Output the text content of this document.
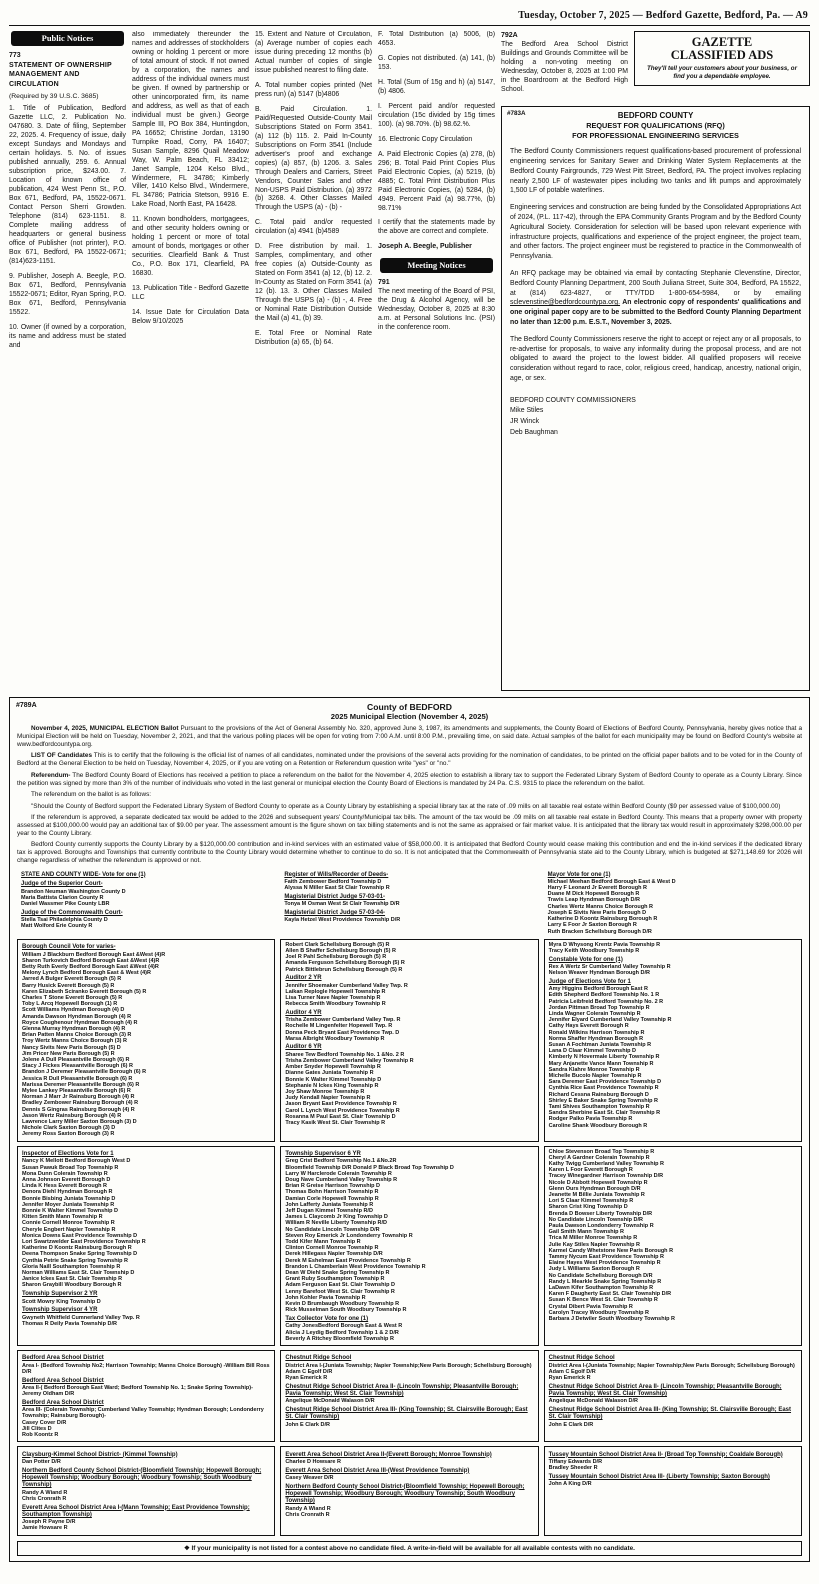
Tuesday, October 7, 2025 — Bedford Gazette, Bedford, Pa. — A9
Public Notices
773
STATEMENT OF OWNERSHIP
MANAGEMENT AND CIRCULATION
(Required by 39 U.S.C. 3685)
1. Title of Publication, Bedford Gazette LLC, 2. Publication No. 047680. 3. Date of filing, September 22, 2025. 4. Frequency of issue, daily except Sundays and Mondays and certain holidays. 5. No. of issues published annually, 259. 6. Annual subscription price, $243.00. 7. Location of known office of publication, 424 West Penn St., P.O. Box 671, Bedford, PA, 15522-0671. Contact Person Sherri Growden. Telephone (814) 623-1151. 8. Complete mailing address of headquarters or general business office of Publisher (not printer), P.O. Box 671, Bedford, PA 15522-0671; (814)623-1151.
9. Publisher, Joseph A. Beegle, P.O. Box 671, Bedford, Pennsylvania 15522-0671; Editor, Ryan Spring, P.O. Box 671, Bedford, Pennsylvania 15522.
10. Owner (if owned by a corporation, its name and address must be stated and
also immediately thereunder the names and addresses of stockholders owning or holding 1 percent or more of total amount of stock. If not owned by a corporation, the names and address of the individual owners must be given. If owned by partnership or other unincorporated firm, its name and address, as well as that of each individual must be given.) George Sample III, PO Box 384, Huntingdon, PA 16652; Christine Jordan, 13190 Turnpike Road, Corry, PA 16407; Susan Sample, 8296 Quail Meadow Way, W. Palm Beach, FL 33412; Janet Sample, 1204 Kelso Blvd., Windermere, FL 34786; Kimberly Viller, 1410 Kelso Blvd., Windermere, FL 34786; Patricia Stetson, 9916 E. Lake Road, North East, PA 16428.
11. Known bondholders, mortgagees, and other security holders owning or holding 1 percent or more of total amount of bonds, mortgages or other securities. Clearfield Bank & Trust Co., P.O. Box 171, Clearfield, PA 16830.
13. Publication Title - Bedford Gazette LLC
14. Issue Date for Circulation Data Below 9/10/2025
15. Extent and Nature of Circulation, (a) Average number of copies each issue during preceding 12 months (b) Actual number of copies of single issue published nearest to filing date.
A. Total number copies printed (Net press run) (a) 5147 (b)4806
B. Paid Circulation. 1. Paid/Requested Outside-County Mail Subscriptions Stated on Form 3541. (a) 112 (b) 115. 2. Paid In-County Subscriptions on Form 3541 (Include advertiser's proof and exchange copies) (a) 857, (b) 1206. 3. Sales Through Dealers and Carriers, Street Vendors, Counter Sales and other Non-USPS Paid Distribution. (a) 3972 (b) 3268. 4. Other Classes Mailed Through the USPS (a) - (b) -
C. Total paid and/or requested circulation (a) 4941 (b)4589
D. Free distribution by mail. 1. Samples, complimentary, and other free copies (a) Outside-County as Stated on Form 3541 (a) 12, (b) 12. 2. In-County as Stated on Form 3541 (a) 12 (b). 13. 3. Other Classes Mailed Through the USPS (a) - (b) -, 4. Free or Nominal Rate Distribution Outside the Mail (a) 41, (b) 39.
E. Total Free or Nominal Rate Distribution (a) 65, (b) 64.
F. Total Distribution (a) 5006, (b) 4653.
G. Copies not distributed. (a) 141, (b) 153.
H. Total (Sum of 15g and h) (a) 5147, (b) 4806.
I. Percent paid and/or requested circulation (15c divided by 15g times 100). (a) 98.70%. (b) 98.62.%.
16. Electronic Copy Circulation
A. Paid Electronic Copies (a) 278, (b) 296; B. Total Paid Print Copies Plus Paid Electronic Copies, (a) 5219, (b) 4885; C. Total Print Distribution Plus Paid Electronic Copies, (a) 5284, (b) 4949. Percent Paid (a) 98.77%, (b) 98.71%
I certify that the statements made by the above are correct and complete.
Joseph A. Beegle, Publisher
Meeting Notices
791
The next meeting of the Board of PSI, the Drug & Alcohol Agency, will be Wednesday, October 8, 2025 at 8:30 a.m. at Personal Solutions Inc. (PSI) in the conference room.
792A
The Bedford Area School District Buildings and Grounds Committee will be holding a non-voting meeting on Wednesday, October 8, 2025 at 1:00 PM in the Boardroom at the Bedford High School.
GAZETTE
CLASSIFIED ADS
They'll tell your customers about your business, or find you a dependable employee.
#783A	BEDFORD COUNTY
REQUEST FOR QUALIFICATIONS (RFQ)
FOR PROFESSIONAL ENGINEERING SERVICES
The Bedford County Commissioners request qualifications-based procurement of professional engineering services for Sanitary Sewer and Drinking Water System Replacements at the Bedford County Fairgrounds, 729 West Pitt Street, Bedford, PA. The project involves replacing nearly 2,500 LF of wastewater pipes including two tanks and lift pumps and approximately 1,500 LF of potable waterlines.
Engineering services and construction are being funded by the Consolidated Appropriations Act of 2024, (P.L. 117-42), through the EPA Community Grants Program and by the Bedford County Agricultural Society. Consideration for selection will be based upon relevant experience with infrastructure projects, qualifications and experience of the project engineer, the project team, and other factors. The project engineer must be registered to practice in the Commonwealth of Pennsylvania.
An RFQ package may be obtained via email by contacting Stephanie Clevenstine, Director, Bedford County Planning Department, 200 South Juliana Street, Suite 304, Bedford, PA 15522, at (814) 623-4827, or TTY/TDD 1-800-654-5984, or by emailing sclevenstine@bedfordcountypa.org. An electronic copy of respondents' qualifications and one original paper copy are to be submitted to the Bedford County Planning Department no later than 12:00 p.m. E.S.T., November 3, 2025.
The Bedford County Commissioners reserve the right to accept or reject any or all proposals, to re-advertise for proposals, to waive any informality during the proposal process, and are not obligated to award the project to the lowest bidder. All qualified proposers will receive consideration without regard to race, color, religious creed, handicap, ancestry, national origin, age, or sex.
BEDFORD COUNTY COMMISSIONERS
Mike Stiles
JR Winck
Deb Baughman
#789A	County of BEDFORD
2025 Municipal Election (November 4, 2025)

November 4, 2025, MUNICIPAL ELECTION Ballot Pursuant to the provisions of the Act of General Assembly No. 320, approved June 3, 1987, its amendments and supplements, the County Board of Elections of Bedford County, Pennsylvania, hereby gives notice that a Municipal Election will be held on Tuesday, November 2, 2021, and that the various polling places will be open for voting from 7:00 A.M. until 8:00 P.M., prevailing time, on said date. Actual samples of the ballot for each municipality may be found on Bedford County's website at www.bedfordcountypa.org.

LIST OF Candidates This is to certify that the following is the official list of names of all candidates, nominated under the provisions of the several acts providing for the nomination of candidates, to be printed on the official paper ballots and to be voted for in the County of Bedford at the General Election to be held on Tuesday, November 4, 2025, or if you are voting on a Retention or Referendum question write "yes" or "no."

Referendum- The Bedford County Board of Elections has received a petition to place a referendum on the ballot for the November 4, 2025 election to establish a library tax to support the Federated Library System of Bedford County to operate as a County Library. Since the petition was signed by more than 3% of the number of individuals who voted in the last general or municipal election the County Board of Elections is mandated by 24 Pa. C.S. 9315 to place the referendum on the ballot.

The referendum on the ballot is as follows:

"Should the County of Bedford support the Federated Library System of Bedford County to operate as a County Library by establishing a special library tax at the rate of .09 mills on all taxable real estate within Bedford County ($9 per assessed value of $100,000.00)

If the referendum is approved, a separate dedicated tax would be added to the 2026 and subsequent years' County/Municipal tax bills. The amount of the tax would be .09 mills on all taxable real estate in Bedford County. This means that a property owner with property assessed at $100,000.00 would pay an additional tax of $9.00 per year. The assessment amount is the figure shown on tax billing statements and is not the same as appraised or fair market value. It is anticipated that the library tax would result in approximately $298,000.00 per year to the County Library.

Bedford County currently supports the County Library by a $120,000.00 contribution and in-kind services with an estimated value of $58,000.00. It is anticipated that Bedford County would cease making this contribution and end the in-kind services if the dedicated library tax is approved. Boroughs and Townships that currently contribute to the County Library would determine whether to continue to do so. It is not anticipated that the Commonwealth of Pennsylvania state aid to the County Library, which is budgeted at $271,148.69 for 2026 will change regardless of whether the referendum is approved or not.

STATE AND COUNTY WIDE- Vote for one (1)
Judge of the Superior Court-
Brandon Neuman Washington County D
Maria Battista Clarion County R
Daniel Wassmer Pike County LBR
Judge of the Commonwealth Court-
Stella Tsai Philadelphia County D
Matt Wolford Erie County R
Register of Wills/Recorder of Deeds-
Faith Zembower Bedford Township D
Alyssa N Miller East St Clair Township R
Magisterial District Judge 57-03-01-
Tonya M Osman West St Clair Township D/R
Magisterial District Judge 57-03-04-
Kayla Hetzel West Providence Township D/R
Mayor Vote for one (1)
Michael Meehan Bedford Borough East & West D
Harry F Leonard Jr Everett Borough R
Duane M Dick Hopewell Borough R
Travis Leap Hyndman Borough D/R
Charles Wertz Manns Choice Borough R
Joseph E Sivits New Paris Borough D
Katherine D Koontz Rainsburg Borough R
Larry E Foor Jr Saxton Borough R
Ruth Bracken Schellsburg Borough D/R
Borough Council Vote for varies-
William J Blackburn Bedford Borough East &West (4)R
Sharon Turkovich Bedford Borough East &West (4)R
Betty Ruth Everly Bedford Borough East &West (4)R
Melony Lynch Bedford Borough East & West (4)R
Jarred A Bulger Everett Borough (5) R
Barry Husick Everett Borough (5) R
Karen Elizabeth Sciranko Everett Borough (5) R
Charles T Stone Everett Borough (5) R
Toby L Arcq Hopewell Borough (1) R
Scott Williams Hyndman Borough (4) D
Amanda Dawson Hyndman Borough (4) R
Royce Coughenour Hyndman Borough (4) R
Glenna Murray Hyndman Borough (4) R
Brian Patten Manns Choice Borough (3) R
Troy Wertz Manns Choice Borough (3) R
Nancy Sivits New Paris Borough (5) D
Jim Pricer New Paris Borough (5) R
Jolene A Dull Pleasantville Borough (6) R
Stacy J Fickes Pleasantville Borough (6) R
Brandon J Deremer Pleasantville Borough (6) R
Jessica R Dull Pleasantville Borough (6) R
Marissa Deremer Pleasantville Borough (6) R
Mylee Lankey Pleasantville Borough (6) R
Norman J Marr Jr Rainsburg Borough (4) R
Bradley Zembower Rainsburg Borough (4) R
Dennis S Gingras Rainsburg Borough (4) R
Jason Wertz Rainsburg Borough (4) R
Lawrence Larry Miller Saxton Borough (3) D
Nichole Clark Saxton Borough (3) D
Jeremy Ross Saxton Borough (3) R
Robert Clark Schellsburg Borough (5) R
Allen B Shaffer Schellsburg Borough (5) R
Joel R Pahl Schellsburg Borough (5) R
Amanda Ferguson Schellsburg Borough (5) R
Patrick Bittlebrun Schellsburg Borough (5) R
Auditor 2 YR
Jennifer Shoemaker Cumberland Valley Twp. R
Laikan Replogle Hopewell Township R
Lisa Turner Nave Napier Township R
Rebecca Smith Woodbury Township R
Auditor 4 YR
Trisha Zembower Cumberland Valley Twp. R
Rochelle M Lingenfelter Hopewell Twp. R
Donna Peck Bryant East Providence Twp. D
Marsa Albright Woodbury Township R
Auditor 6 YR
Sharee Tew Bedford Township No. 1 &No. 2 R
Trisha Zembower Cumberland Valley Township R
Amber Snyder Hopewell Township R
Dianne Gates Juniata Township R
Bonnie K Walter Kimmel Township D
Stephanie N Ickes King Township R
Joy Shaw Monroe Township R
Judy Kendall Napier Township R
Jason Bryant East Providence Township R
Carol L Lynch West Providence Township R
Rosanna M Paul East St. Clair Township D
Tracy Kasik West St. Clair Township R
Myra D Whysong Krentz Pavia Township R
Tracy Keith Woodbury Township R
Constable Vote for one (1)
Rex A Wertz Sr Cumberland Valley Township R
Nelson Weaver Hyndman Borough D/R
Judge of Elections Vote for 1
Amy Higgins Bedford Borough East R
Edith Shepherd Bedford Township No. 1 R
Patricia Leibfreid Bedford Township No. 2 R
Jordan Pittman Broad Top Township R
Linda Wagner Colerain Township R
Jennifer Elyard Cumberland Valley Township R
Cathy Hays Everett Borough R
Ronald Wilkins Harrison Township R
Norma Shaffer Hyndman Borough R
Susan A Fochtman Juniata Township R
Lana D Claar Kimmel Township D
Kimberly N Hovermale Liberty Township R
Mary Anjanette Vance Mann Township R
Sandra Klahre Monroe Township R
Michelle Bucolo Napier Township R
Sara Deremer East Providence Township D
Cynthia Rice East Providence Township R
Richard Cessna Rainsburg Borough D
Shirley E Baker Snake Spring Township R
Tami Shives Southampton Township R
Sandra Sherbine East St. Clair Township R
Rodger Palko Pavia Township R
Caroline Shank Woodbury Borough R
Inspector of Elections Vote for 1
Nancy K Mellott Bedford Borough West D
Susan Pawuk Broad Top Township R
Mona Dunn Colerain Township R
Anna Johnson Everett Borough D
Linda K Hess Everett Borough R
Denora Diehl Hyndman Borough R
Bonnie Bisbing Juniata Township D
Jennifer Moyer Juniata Township R
Bonnie K Walter Kimmel Township D
Kitten Smith Mann Township R
Connie Cornell Monroe Township R
Cheryle Engbert Napier Township R
Monica Downs East Providence Township D
Lori Swartzwelder East Providence Township R
Katherine D Koontz Rainsburg Borough R
Deena Thompson Snake Spring Township D
Cynthia Petrie Snake Spring Township R
Gloria Naill Southampton Township R
Norman Williams East St. Clair Township D
Janice Ickes East St. Clair Township R
Sharon Graybill Woodbury Borough R
Township Supervisor 2 YR
Scott Mowry King Township D
Township Supervisor 4 YR
Gwyneth Whitfield Cumnerland Valley Twp. R
Thomas R Deily Pavia Township D/R
Township Supervisor 6 YR
Greg Crist Bedford Township No.1 &No.2R
Bloomfield Township D/R Donald P Black Broad Top Township D
Larry W Harclerode Colerain Township R
Doug Nave Cumberland Valley Township R
Brian R Greise Harrison Township D
Thomas Bohn Harrison Township R
Damian Corle Hopewell Township R
John Lafferty Juniata Township R
Jeff Dugan Kimmel Township R/D
James L Claycomb Jr King Township D
William R Neville Liberty Township R/D
No Candidate Lincoln Township D/R
Steven Roy Emerick Jr Londonderry Township R
Todd Kifer Mann Township R
Clinton Cornell Monroe Township R
Derek Hillegass Napier Township D/R
Derek M Eshelman East Providence Township R
Brandon L Chamberlain West Providence Township R
Dean W Diehl Snake Spring Township R
Grant Ruby Southampton Township R
Adam Ferguson East St. Clair Township D
Lenny Barefoot West St. Clair Township R
John Kohler Pavia Township R
Kevin D Brumbaugh Woodbury Township R
Rick Musselman South Woodbury Township R
Tax Collector Vote for one (1)
Cathy JonesBedford Borough East & West R
Alicia J Leydig Bedford Township 1 & 2 D/R
Beverly A Ritchey Bloomfield Township R
Chloe Stevenson Broad Top Township R
Cheryl A Gardner Colerain Township R
Kathy Twigg Cumberland Valley Township R
Karen L Foor Everett Borough R
Tracey Winegardner Harrison Township D/R
Nicole D Abbott Hopewell Township R
Glenn Ours Hyndman Borough D/R
Jeanette M Billie Juniata Township R
Lori S Claar Kimmel Township R
Sharon Crist King Township D
Brenda D Bowser Liberty Township D/R
No Candidate Lincoln Township D/R
Paula Dawson Londonderry Township R
Gail Smith Mann Township R
Trica M Miller Monroe Township R
Julie Kay Stiles Napier Township R
Karmel Candy Whetstone New Paris Borough R
Tammy Nycum East Providence Township R
Elaine Hayes West Providence Township R
Judy L Williams Saxton Borough R
No Candidate Schellsburg Borough D/R
Randy L Mearkle Snake Spring Township R
LaDawn Kifer Southampton Township R
Karen F Daugherty East St. Clair Township D/R
Susan K Bence West St. Clair Township R
Crystal Dibert Pavia Township R
Carolyn Tracey Woodbury Township R
Barbara J Detwiler South Woodbury Township R
Bedford Area School District
Area I- (Bedford Township No2; Harrison Township; Manns Choice Borough) -William Bill Ross D/R
Bedford Area School District
Area II-( Bedford Borough East Ward; Bedford Township No. 1; Snake Spring Township)- Jeremy Oldham D/R
Bedford Area School District
Area III- (Colerain Township; Cumberland Valley Township; Hyndman Borough; Londonderry Township; Rainsburg Borough)-
Casey Cover D/R
Jill Clites D
Rob Koontz R
Chestnut Ridge School
District Area I-(Juniata Township; Napier Township;New Paris Borough; Schellsburg Borough)
Adam C Egolf D/R
Ryan Emerick R
Chestnut Ridge School District Area II- (Lincoln Township; Pleasantville Borough; Pavia Township; West St. Clair Township)
Angelique McDonald Walason D/R
Chestnut Ridge School District Area III- (King Township; St. Clairsville Borough; East St. Clair Township)
John E Clark D/R
Chestnut Ridge School
District Area I-(Juniata Township; Napier Township;New Paris Borough; Schellsburg Borough)
Adam C Egolf D/R
Ryan Emerick R
Chestnut Ridge School District Area II- (Lincoln Township; Pleasantville Borough; Pavia Township; West St. Clair Township)
Angelique McDonald Walason D/R
Chestnut Ridge School District Area III- (King Township; St. Clairsville Borough; East St. Clair Township)
John E Clark D/R
Claysburg-Kimmel School District- (Kimmel Township)
Dan Potter D/R
Northern Bedford County School District-(Bloomfield Township; Hopewell Borough; Hopewell Township; Woodbury Borough; Woodbury Township; South Woodbury Township)
Randy A Wiand R
Chris Cronrath R
Everett Area School District Area I-(Mann Township; East Providence Township; Southampton Township)
Joseph R Payne D/R
Jamie Howsare R
Everett Area School District Area II-(Everett Borough; Monroe Township)
Charlee D Howsare R
Everett Area School District Area III-(West Providence Township)
Casey Weaver D/R
Northern Bedford County School District-(Bloomfield Township; Hopewell Borough; Hopewell Township; Woodbury Borough; Woodbury Township; South Woodbury Township)
Randy A Wiand R
Chris Cronrath R
Tussey Mountain School District Area II- (Broad Top Township; Coaldale Borough)
Tiffany Edwards D/R
Bradley Sheeder R
Tussey Mountain School District Area III- (Liberty Township; Saxton Borough)
John A King D/R
❖ If your municipality is not listed for a contest above no candidate filed. A write-in-field will be available for all available contests with no candidate.
